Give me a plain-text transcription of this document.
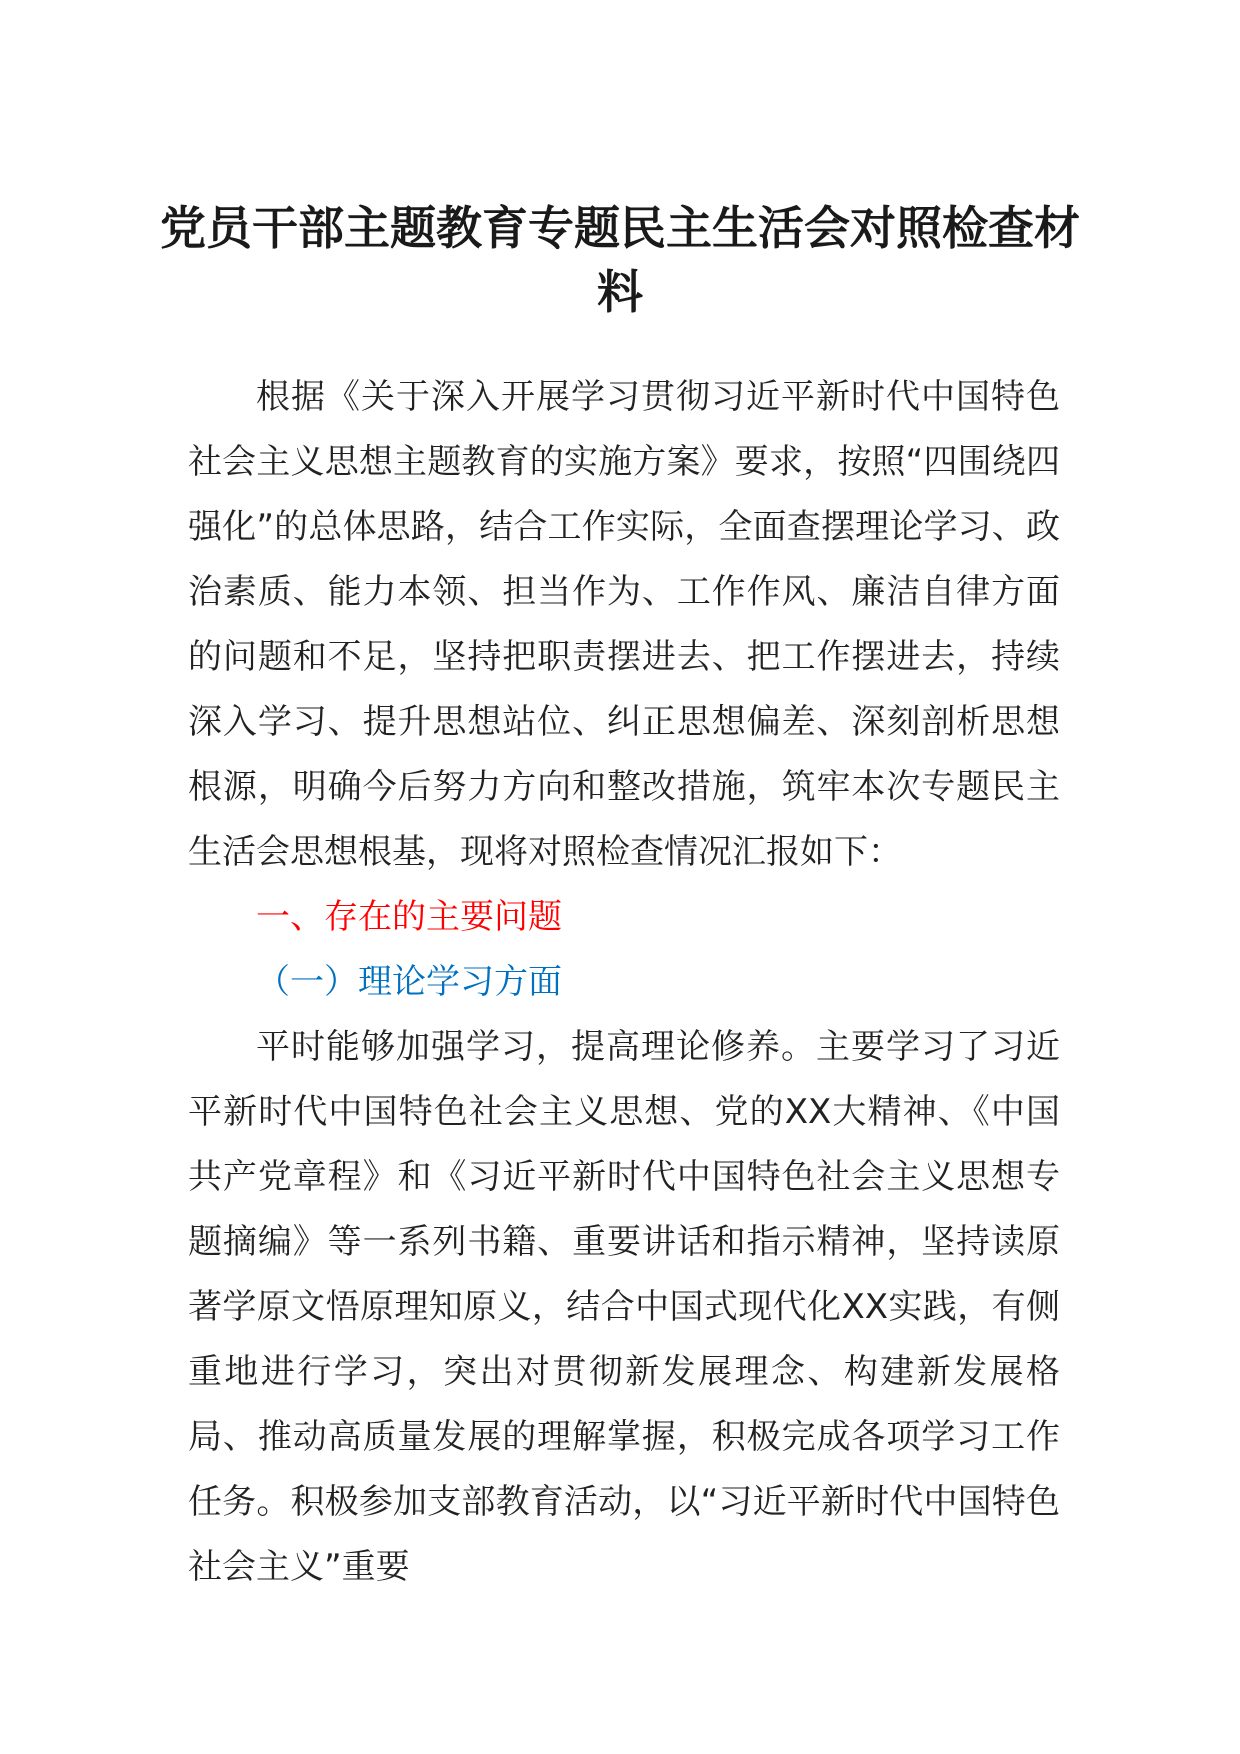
党员干部主题教育专题民主生活会对照检查材料

根据《关于深入开展学习贯彻习近平新时代中国特色社会主义思想主题教育的实施方案》要求，按照“四围绕四强化”的总体思路，结合工作实际，全面查摆理论学习、政治素质、能力本领、担当作为、工作作风、廉洁自律方面的问题和不足，坚持把职责摆进去、把工作摆进去，持续深入学习、提升思想站位、纠正思想偏差、深刻剖析思想根源，明确今后努力方向和整改措施，筑牢本次专题民主生活会思想根基，现将对照检查情况汇报如下：

一、存在的主要问题

（一）理论学习方面

平时能够加强学习，提高理论修养。主要学习了习近平新时代中国特色社会主义思想、党的XX大精神、《中国共产党章程》和《习近平新时代中国特色社会主义思想专题摘编》等一系列书籍、重要讲话和指示精神，坚持读原著学原文悟原理知原义，结合中国式现代化XX实践，有侧重地进行学习，突出对贯彻新发展理念、构建新发展格局、推动高质量发展的理解掌握，积极完成各项学习工作任务。积极参加支部教育活动，以“习近平新时代中国特色社会主义”重要
